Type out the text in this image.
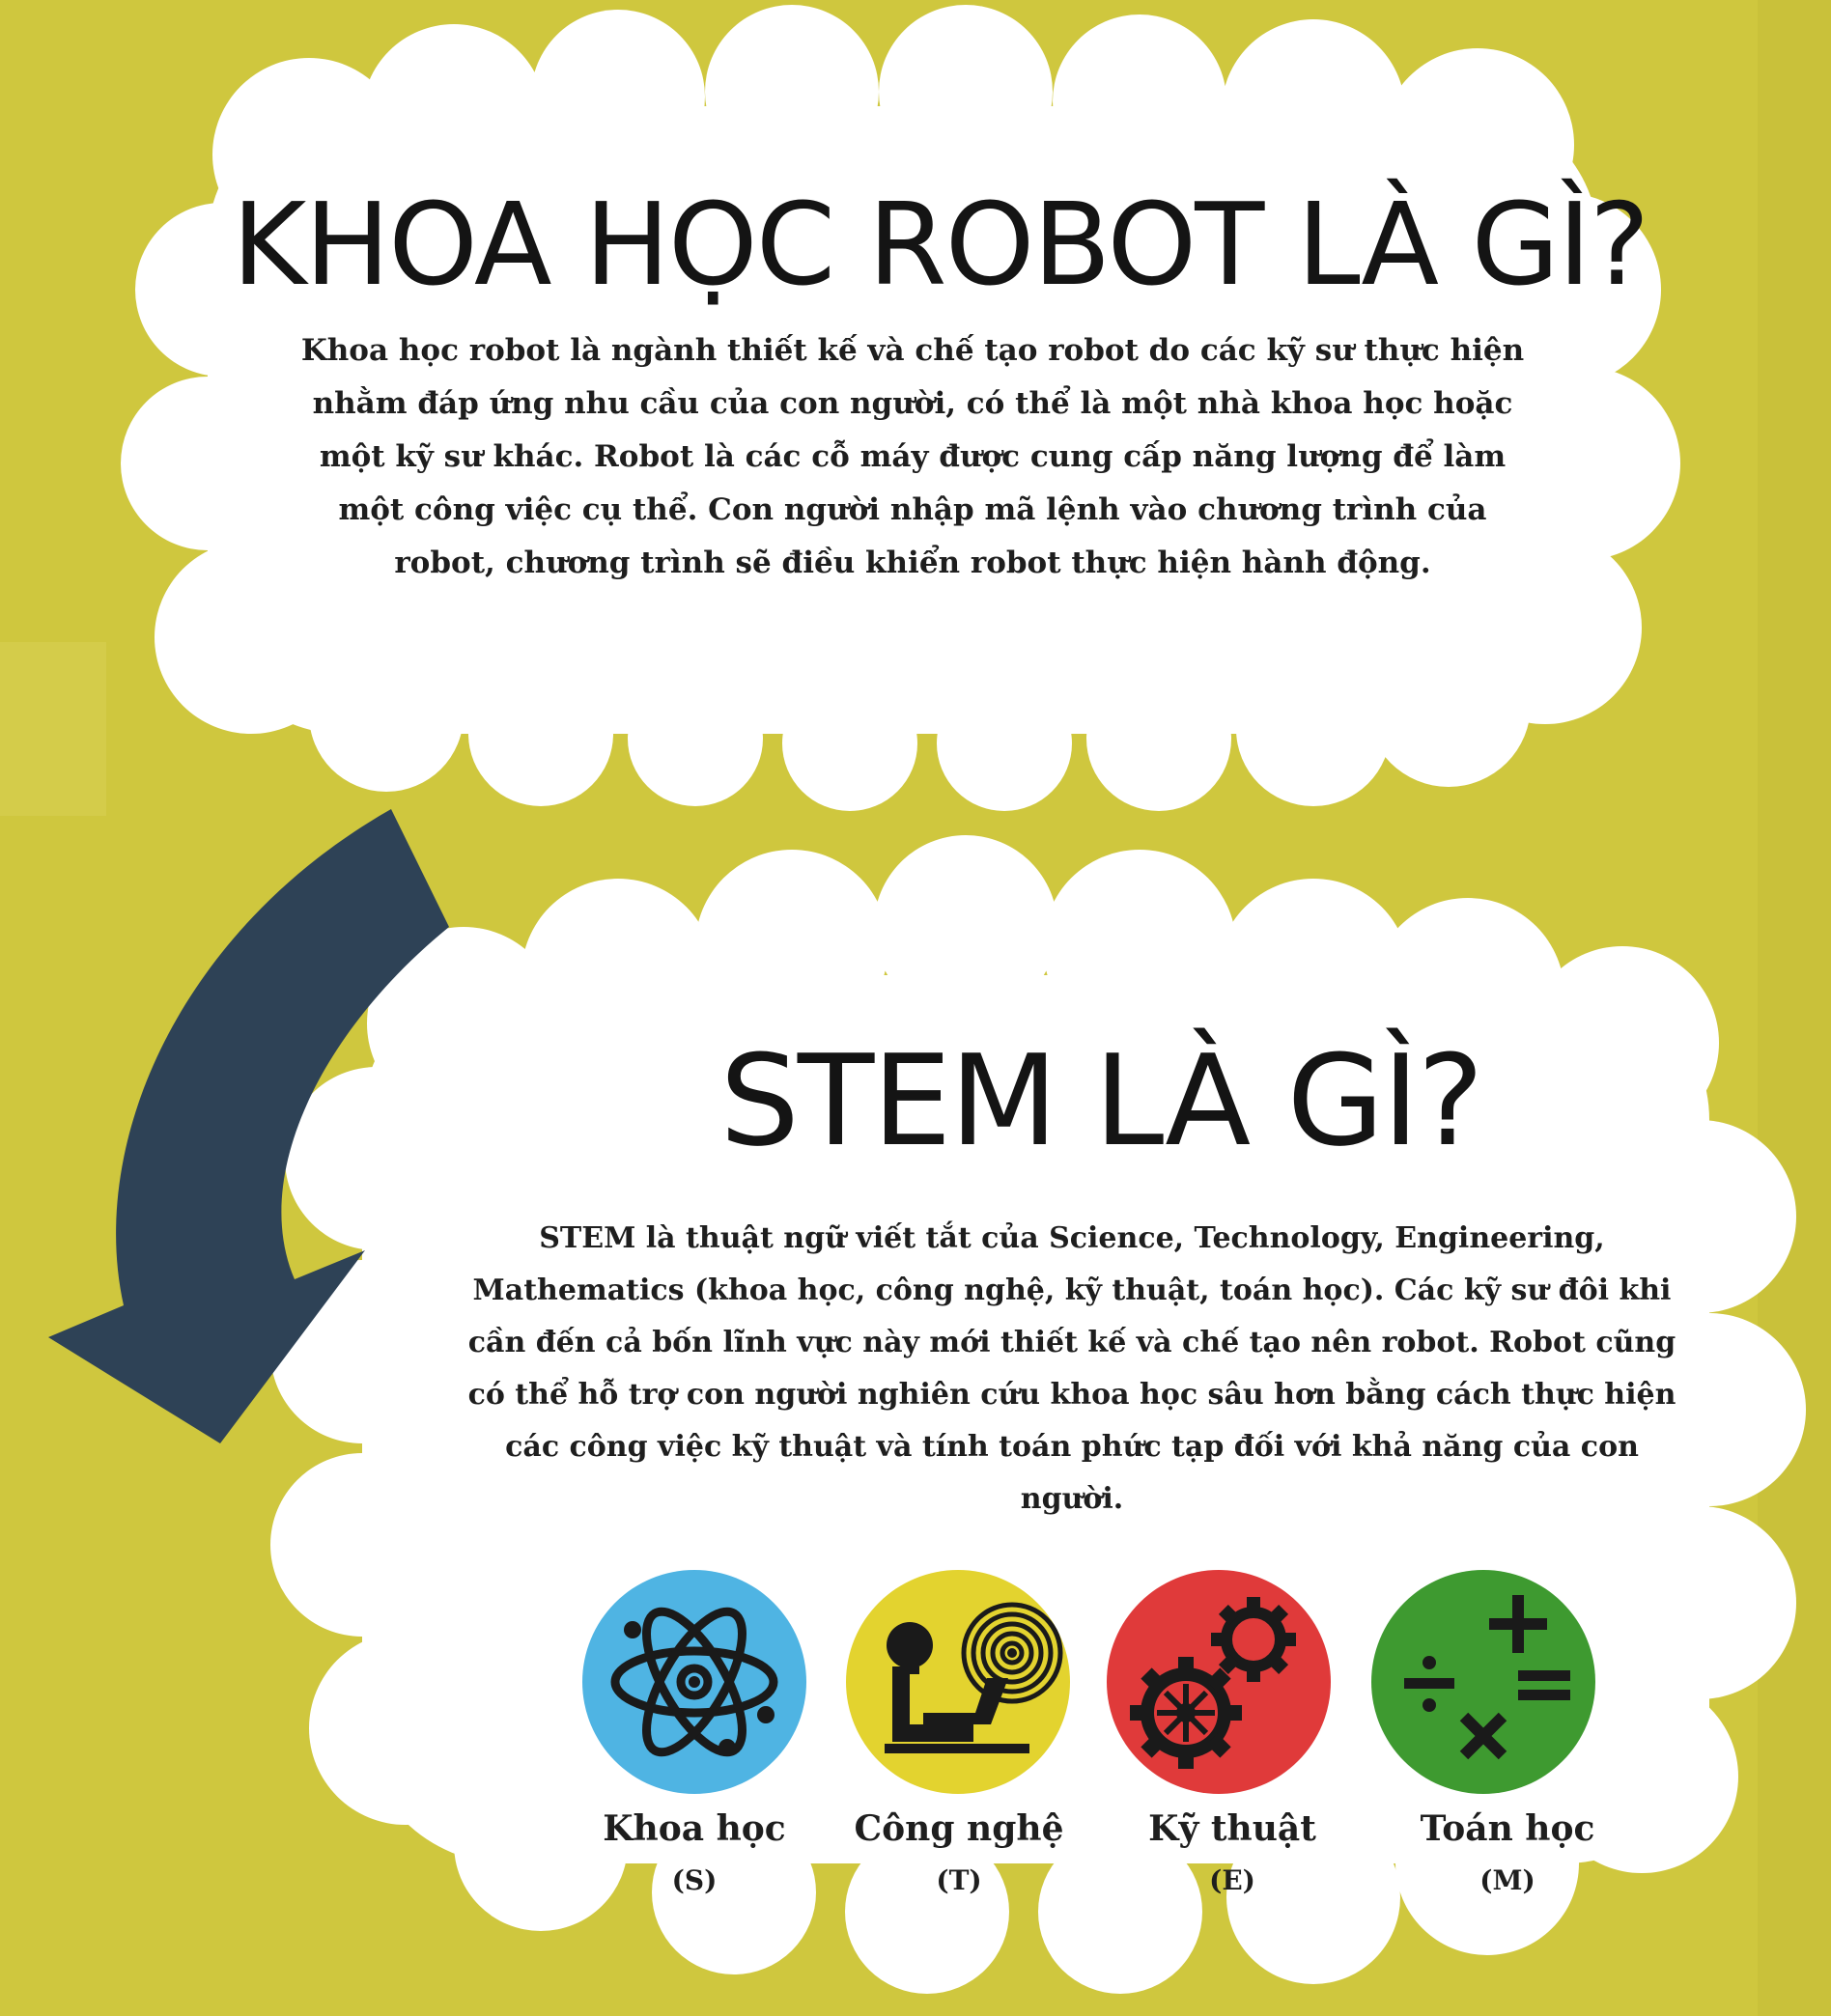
KHOA HỌC ROBOT LÀ GÌ?

Khoa học robot là ngành thiết kế và chế tạo robot do các kỹ sư thực hiện nhằm đáp ứng nhu cầu của con người, có thể là một nhà khoa học hoặc một kỹ sư khác. Robot là các cỗ máy được cung cấp năng lượng để làm một công việc cụ thể. Con người nhập mã lệnh vào chương trình của robot, chương trình sẽ điều khiển robot thực hiện hành động.

STEM LÀ GÌ?

STEM là thuật ngữ viết tắt của Science, Technology, Engineering, Mathematics (khoa học, công nghệ, kỹ thuật, toán học). Các kỹ sư đôi khi cần đến cả bốn lĩnh vực này mới thiết kế và chế tạo nên robot. Robot cũng có thể hỗ trợ con người nghiên cứu khoa học sâu hơn bằng cách thực hiện các công việc kỹ thuật và tính toán phức tạp đối với khả năng của con người.

Khoa học
(S)
Công nghệ
(T)
Kỹ thuật
(E)
Toán học
(M)
